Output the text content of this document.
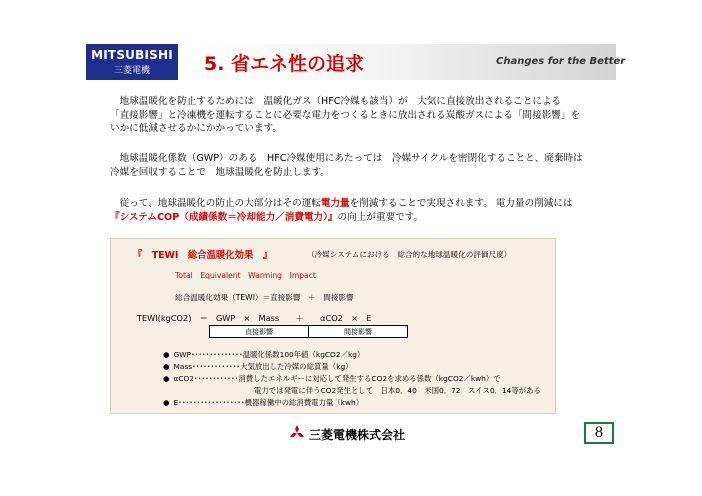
MITSUBISHI
三菱電機	5. 省エネ性の追求	Changes for the Better
　地球温暖化を防止するためには　温暖化ガス（HFC冷媒も該当）が　大気に直接放出されることによる
「直接影響」と冷凍機を運転することに必要な電力をつくるときに放出される炭酸ガスによる「間接影響」を
いかに低減させるかにかかっています。
　地球温暖化係数（GWP）のある　HFC冷媒使用にあたっては　冷媒サイクルを密閉化することと、廃棄時は
冷媒を回収することで　地球温暖化を防止します。
　従って、地球温暖化の防止の大部分はその運転電力量を削減することで実現されます。 電力量の削減には
『システムCOP（成績係数＝冷却能力／消費電力）』の向上が重要です。
『　TEWI　総合温暖化効果　』	（冷媒システムにおける　総合的な地球温暖化の評価尺度）
Total　Equivalent　Warming　Impact
総合温暖化効果（TEWI）＝直接影響　＋　間接影響
TEWI(kgCO2)　＝　GWP　×　Mass　　＋　　αCO2　×　E
直接影響	間接影響
● GWP･･････････････温暖化係数100年値（kgCO2／kg）
● Mass･････････････大気放出した冷媒の総質量（kg）
● αCO2････････････消費したエネルギーに対応して発生するCO2を求める係数（kgCO2／kwh）で
電力では発電に伴うCO2発生として　日本0．40　米国0．72　スイス0．14等がある
● E･･････････････････機器稼働中の総消費電力量（kwh）
三菱電機株式会社	8
